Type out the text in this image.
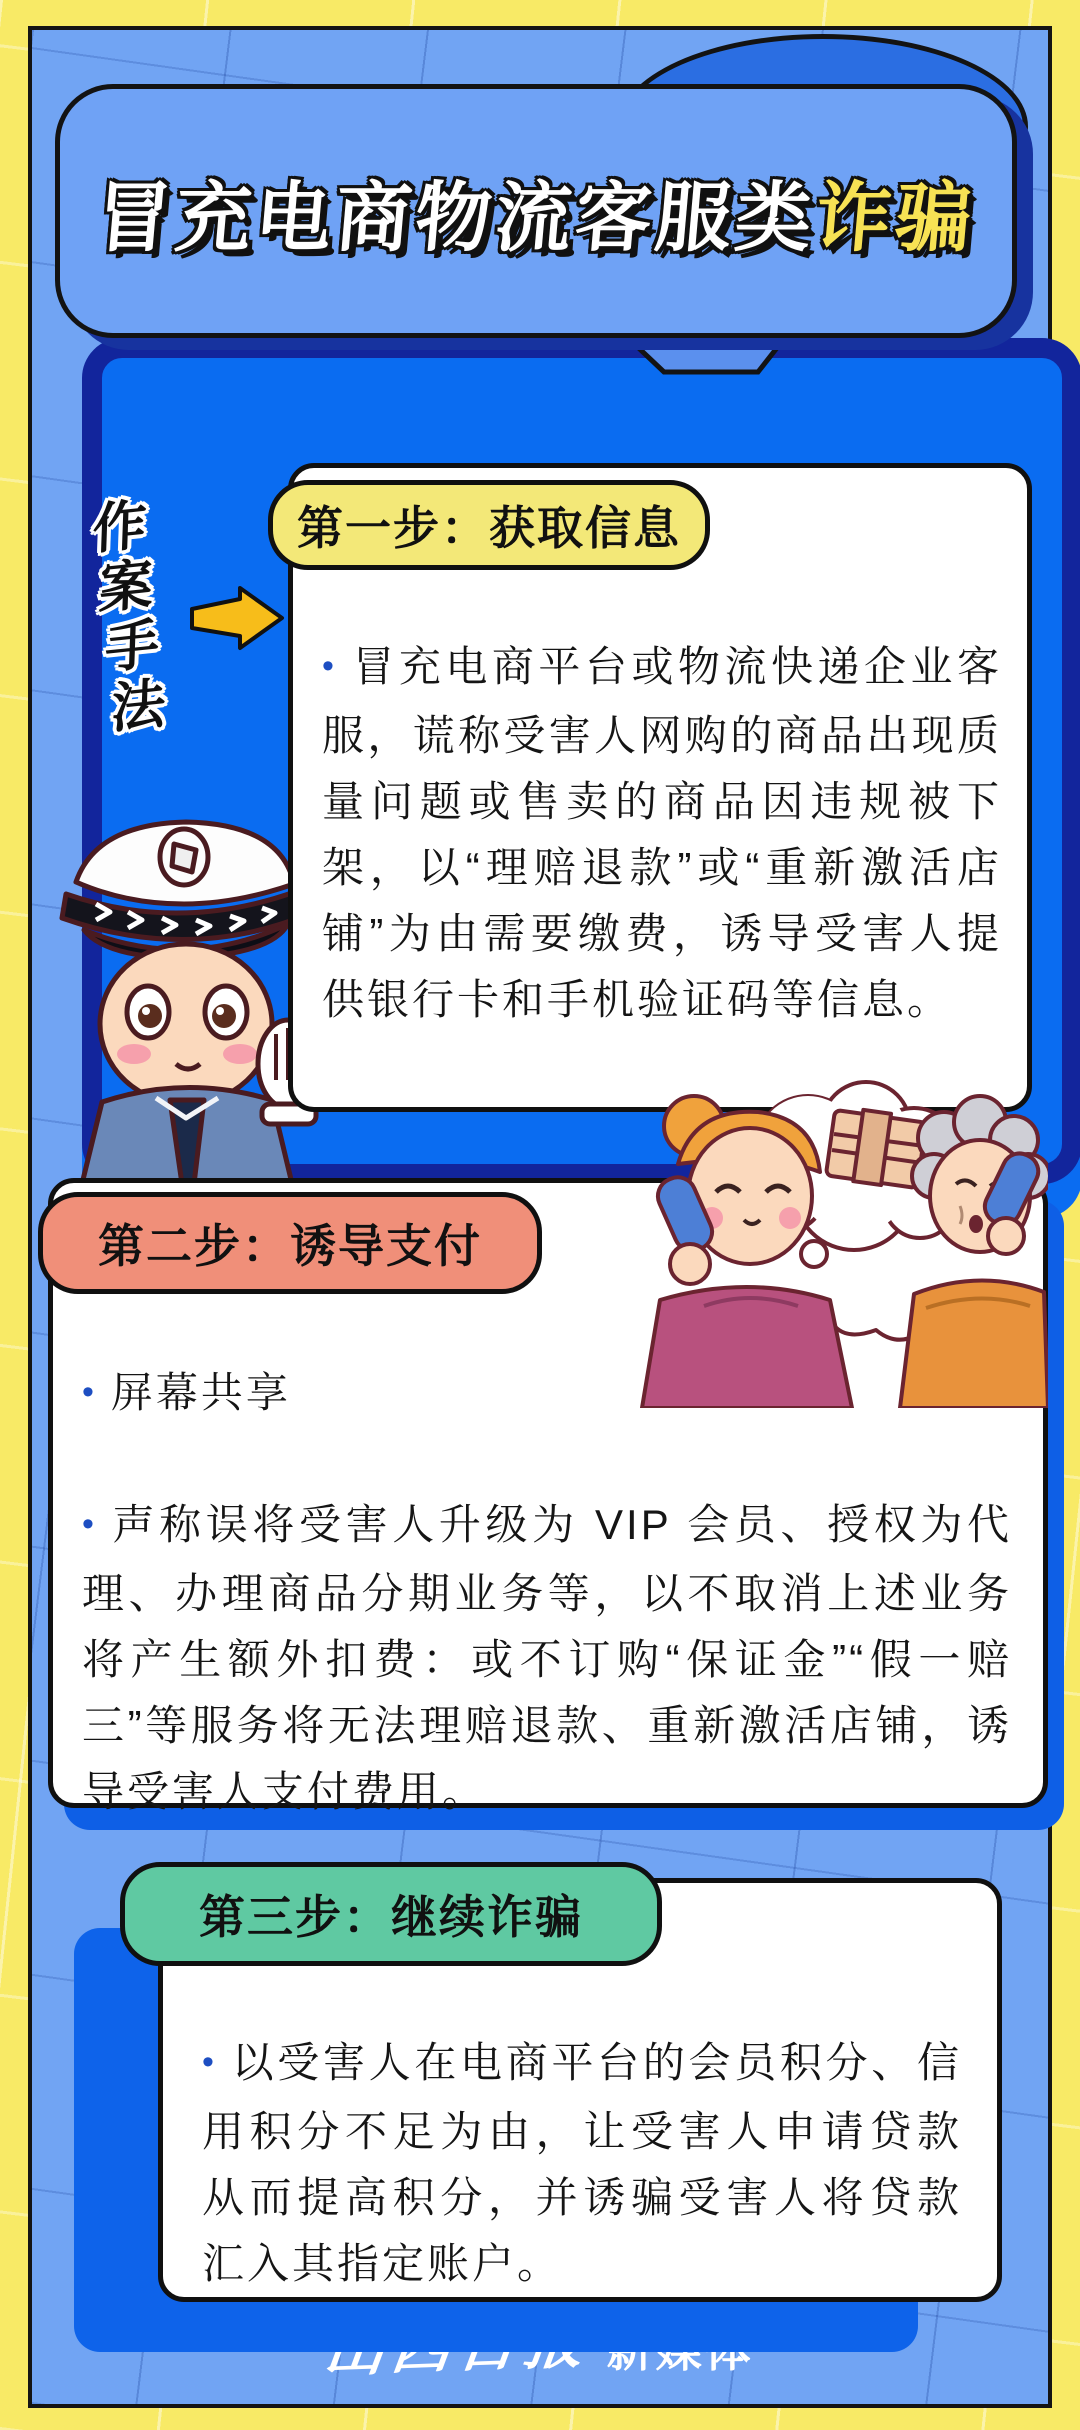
冒充电商物流客服类诈骗
作
案
手
法
第一步：获取信息

• 冒充电商平台或物流快递企业客服，谎称受害人网购的商品出现质量问题或售卖的商品因违规被下架，以“理赔退款”或“重新激活店铺”为由需要缴费，诱导受害人提供银行卡和手机验证码等信息。

第二步：诱导支付

• 屏幕共享

• 声称误将受害人升级为 VIP 会员、授权为代理、办理商品分期业务等，以不取消上述业务将产生额外扣费：或不订购“保证金”“假一赔三”等服务将无法理赔退款、重新激活店铺，诱导受害人支付费用。

第三步：继续诈骗

• 以受害人在电商平台的会员积分、信用积分不足为由，让受害人申请贷款从而提高积分，并诱骗受害人将贷款汇入其指定账户。

山西日报 新媒体
